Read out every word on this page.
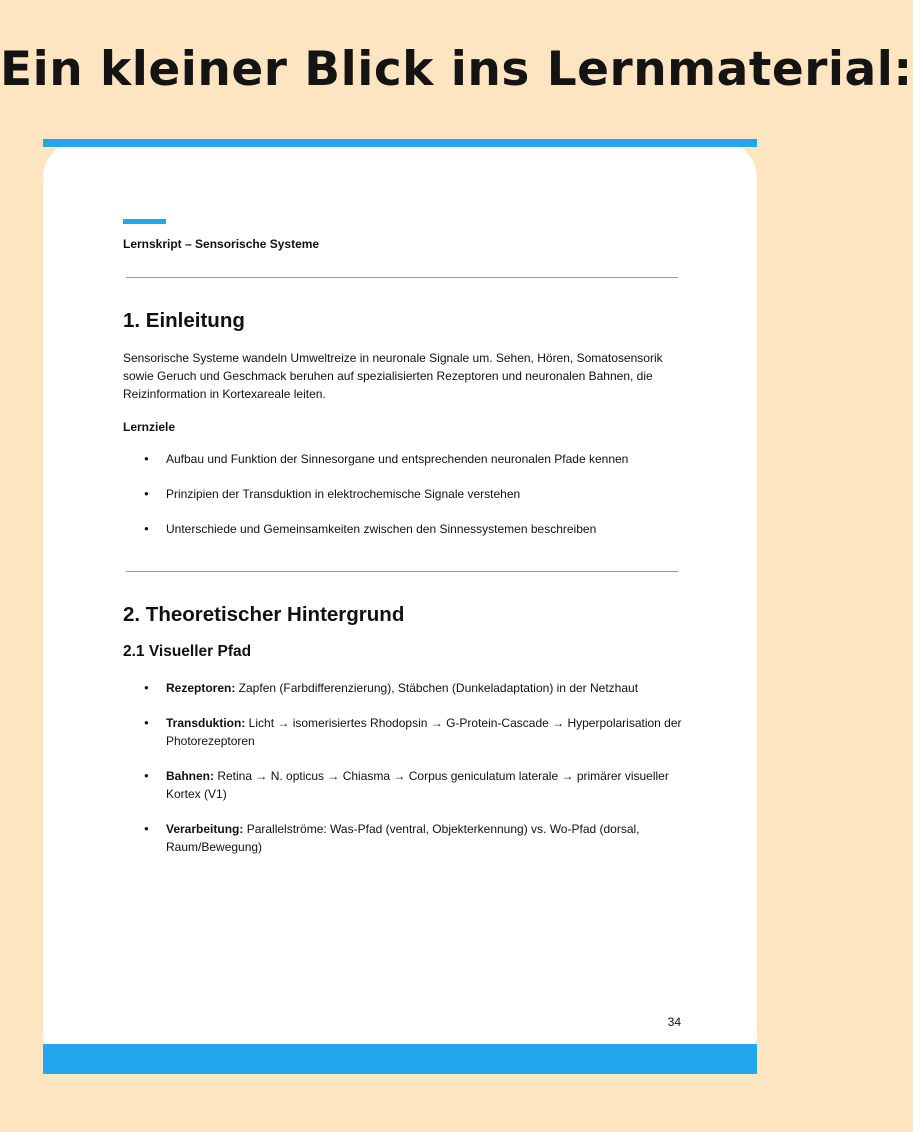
Ein kleiner Blick ins Lernmaterial:
Lernskript – Sensorische Systeme
1. Einleitung

Sensorische Systeme wandeln Umweltreize in neuronale Signale um. Sehen, Hören, Somatosensorik sowie Geruch und Geschmack beruhen auf spezialisierten Rezeptoren und neuronalen Bahnen, die Reizinformation in Kortexareale leiten.

Lernziele
● Aufbau und Funktion der Sinnesorgane und entsprechenden neuronalen Pfade kennen
● Prinzipien der Transduktion in elektrochemische Signale verstehen
● Unterschiede und Gemeinsamkeiten zwischen den Sinnessystemen beschreiben
2. Theoretischer Hintergrund
2.1 Visueller Pfad
● Rezeptoren: Zapfen (Farbdifferenzierung), Stäbchen (Dunkeladaptation) in der Netzhaut
● Transduktion: Licht → isomerisiertes Rhodopsin → G-Protein-Cascade → Hyperpolarisation der Photorezeptoren
● Bahnen: Retina → N. opticus → Chiasma → Corpus geniculatum laterale → primärer visueller Kortex (V1)
● Verarbeitung: Parallelströme: Was-Pfad (ventral, Objekterkennung) vs. Wo-Pfad (dorsal, Raum/Bewegung)
34
